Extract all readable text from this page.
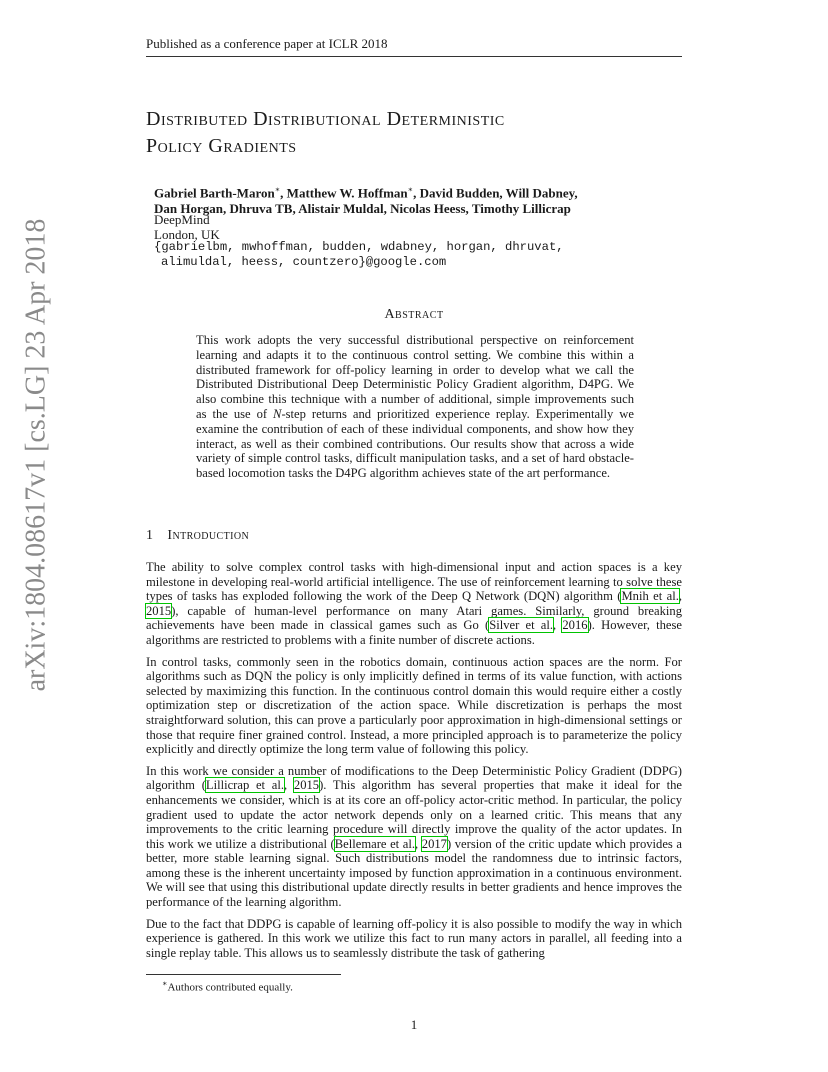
Published as a conference paper at ICLR 2018
arXiv:1804.08617v1 [cs.LG] 23 Apr 2018
Distributed Distributional Deterministic
Policy Gradients
Gabriel Barth-Maron∗, Matthew W. Hoffman∗, David Budden, Will Dabney,
Dan Horgan, Dhruva TB, Alistair Muldal, Nicolas Heess, Timothy Lillicrap
DeepMind
London, UK
{gabrielbm, mwhoffman, budden, wdabney, horgan, dhruvat,
alimuldal, heess, countzero}@google.com
Abstract
This work adopts the very successful distributional perspective on reinforcement learning and adapts it to the continuous control setting. We combine this within a distributed framework for off-policy learning in order to develop what we call the Distributed Distributional Deep Deterministic Policy Gradient algorithm, D4PG. We also combine this technique with a number of additional, simple improvements such as the use of N-step returns and prioritized experience replay. Experimentally we examine the contribution of each of these individual components, and show how they interact, as well as their combined contributions. Our results show that across a wide variety of simple control tasks, difficult manipulation tasks, and a set of hard obstacle-based locomotion tasks the D4PG algorithm achieves state of the art performance.
1 Introduction

The ability to solve complex control tasks with high-dimensional input and action spaces is a key milestone in developing real-world artificial intelligence. The use of reinforcement learning to solve these types of tasks has exploded following the work of the Deep Q Network (DQN) algorithm (Mnih et al., 2015), capable of human-level performance on many Atari games. Similarly, ground breaking achievements have been made in classical games such as Go (Silver et al., 2016). However, these algorithms are restricted to problems with a finite number of discrete actions.

In control tasks, commonly seen in the robotics domain, continuous action spaces are the norm. For algorithms such as DQN the policy is only implicitly defined in terms of its value function, with actions selected by maximizing this function. In the continuous control domain this would require either a costly optimization step or discretization of the action space. While discretization is perhaps the most straightforward solution, this can prove a particularly poor approximation in high-dimensional settings or those that require finer grained control. Instead, a more principled approach is to parameterize the policy explicitly and directly optimize the long term value of following this policy.

In this work we consider a number of modifications to the Deep Deterministic Policy Gradient (DDPG) algorithm (Lillicrap et al., 2015). This algorithm has several properties that make it ideal for the enhancements we consider, which is at its core an off-policy actor-critic method. In particular, the policy gradient used to update the actor network depends only on a learned critic. This means that any improvements to the critic learning procedure will directly improve the quality of the actor updates. In this work we utilize a distributional (Bellemare et al., 2017) version of the critic update which provides a better, more stable learning signal. Such distributions model the randomness due to intrinsic factors, among these is the inherent uncertainty imposed by function approximation in a continuous environment. We will see that using this distributional update directly results in better gradients and hence improves the performance of the learning algorithm.

Due to the fact that DDPG is capable of learning off-policy it is also possible to modify the way in which experience is gathered. In this work we utilize this fact to run many actors in parallel, all feeding into a single replay table. This allows us to seamlessly distribute the task of gathering

∗Authors contributed equally.
1
